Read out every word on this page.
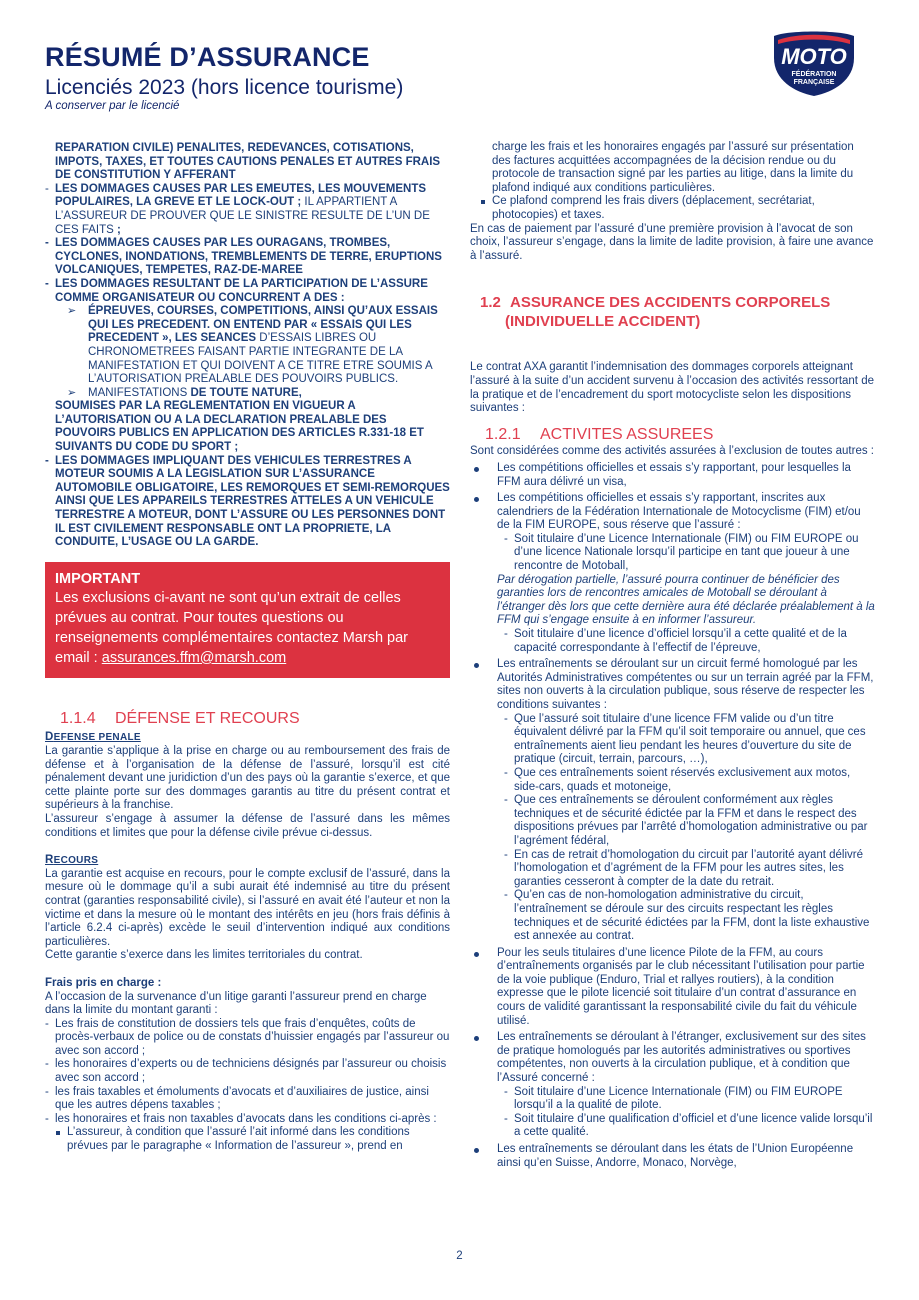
RÉSUMÉ D’ASSURANCE
Licenciés 2023 (hors licence tourisme)
A conserver par le licencié
MOTO
FÉDÉRATION
FRANÇAISE
REPARATION CIVILE) PENALITES, REDEVANCES, COTISATIONS, IMPOTS, TAXES, ET TOUTES CAUTIONS PENALES ET AUTRES FRAIS DE CONSTITUTION Y AFFERANT
- LES DOMMAGES CAUSES PAR LES EMEUTES, LES MOUVEMENTS POPULAIRES, LA GREVE ET LE LOCK-OUT ; IL APPARTIENT A L’ASSUREUR DE PROUVER QUE LE SINISTRE RESULTE DE L’UN DE CES FAITS ;
- LES DOMMAGES CAUSES PAR LES OURAGANS, TROMBES, CYCLONES, INONDATIONS, TREMBLEMENTS DE TERRE, ERUPTIONS VOLCANIQUES, TEMPETES, RAZ-DE-MAREE
- LES DOMMAGES RESULTANT DE LA PARTICIPATION DE L’ASSURE COMME ORGANISATEUR OU CONCURRENT A DES :
➢ ÉPREUVES, COURSES, COMPETITIONS, AINSI QU’AUX ESSAIS QUI LES PRECEDENT. ON ENTEND PAR « ESSAIS QUI LES PRECEDENT », LES SEANCES D’ESSAIS LIBRES OU CHRONOMETREES FAISANT PARTIE INTEGRANTE DE LA MANIFESTATION ET QUI DOIVENT A CE TITRE ETRE SOUMIS A L’AUTORISATION PREALABLE DES POUVOIRS PUBLICS.
➢ MANIFESTATIONS DE TOUTE NATURE,
SOUMISES PAR LA REGLEMENTATION EN VIGUEUR A L’AUTORISATION OU A LA DECLARATION PREALABLE DES POUVOIRS PUBLICS EN APPLICATION DES ARTICLES R.331-18 ET SUIVANTS DU CODE DU SPORT ;
- LES DOMMAGES IMPLIQUANT DES VEHICULES TERRESTRES A MOTEUR SOUMIS A LA LEGISLATION SUR L’ASSURANCE AUTOMOBILE OBLIGATOIRE, LES REMORQUES ET SEMI-REMORQUES AINSI QUE LES APPAREILS TERRESTRES ATTELES A UN VEHICULE TERRESTRE A MOTEUR, DONT L’ASSURE OU LES PERSONNES DONT IL EST CIVILEMENT RESPONSABLE ONT LA PROPRIETE, LA CONDUITE, L’USAGE OU LA GARDE.
IMPORTANT
Les exclusions ci-avant ne sont qu’un extrait de celles prévues au contrat. Pour toutes questions ou renseignements complémentaires contactez Marsh par email : assurances.ffm@marsh.com
1.1.4 DÉFENSE ET RECOURS
DEFENSE PENALE
La garantie s’applique à la prise en charge ou au remboursement des frais de défense et à l’organisation de la défense de l’assuré, lorsqu’il est cité pénalement devant une juridiction d’un des pays où la garantie s’exerce, et que cette plainte porte sur des dommages garantis au titre du présent contrat et supérieurs à la franchise.
L’assureur s’engage à assumer la défense de l’assuré dans les mêmes conditions et limites que pour la défense civile prévue ci-dessus.
RECOURS
La garantie est acquise en recours, pour le compte exclusif de l’assuré, dans la mesure où le dommage qu’il a subi aurait été indemnisé au titre du présent contrat (garanties responsabilité civile), si l’assuré en avait été l’auteur et non la victime et dans la mesure où le montant des intérêts en jeu (hors frais définis à l’article 6.2.4 ci-après) excède le seuil d’intervention indiqué aux conditions particulières.
Cette garantie s’exerce dans les limites territoriales du contrat.
Frais pris en charge :
A l’occasion de la survenance d’un litige garanti l’assureur prend en charge dans la limite du montant garanti :
- Les frais de constitution de dossiers tels que frais d’enquêtes, coûts de procès-verbaux de police ou de constats d’huissier engagés par l’assureur ou avec son accord ;
- les honoraires d’experts ou de techniciens désignés par l’assureur ou choisis avec son accord ;
- les frais taxables et émoluments d’avocats et d’auxiliaires de justice, ainsi que les autres dépens taxables ;
- les honoraires et frais non taxables d’avocats dans les conditions ci-après :
L’assureur, à condition que l’assuré l’ait informé dans les conditions prévues par le paragraphe « Information de l’assureur », prend en
charge les frais et les honoraires engagés par l’assuré sur présentation des factures acquittées accompagnées de la décision rendue ou du protocole de transaction signé par les parties au litige, dans la limite du plafond indiqué aux conditions particulières.
Ce plafond comprend les frais divers (déplacement, secrétariat, photocopies) et taxes.
En cas de paiement par l’assuré d’une première provision à l’avocat de son choix, l’assureur s’engage, dans la limite de ladite provision, à faire une avance à l’assuré.
1.2 ASSURANCE DES ACCIDENTS CORPORELS
(INDIVIDUELLE ACCIDENT)
Le contrat AXA garantit l’indemnisation des dommages corporels atteignant l’assuré à la suite d’un accident survenu à l’occasion des activités ressortant de la pratique et de l’encadrement du sport motocycliste selon les dispositions suivantes :
1.2.1 ACTIVITES ASSUREES
Sont considérées comme des activités assurées à l’exclusion de toutes autres :
Les compétitions officielles et essais s’y rapportant, pour lesquelles la FFM aura délivré un visa,
Les compétitions officielles et essais s’y rapportant, inscrites aux calendriers de la Fédération Internationale de Motocyclisme (FIM) et/ou de la FIM EUROPE, sous réserve que l’assuré :
- Soit titulaire d’une Licence Internationale (FIM) ou FIM EUROPE ou d’une licence Nationale lorsqu’il participe en tant que joueur à une rencontre de Motoball,
Par dérogation partielle, l’assuré pourra continuer de bénéficier des garanties lors de rencontres amicales de Motoball se déroulant à l’étranger dès lors que cette dernière aura été déclarée préalablement à la FFM qui s’engage ensuite à en informer l’assureur.
- Soit titulaire d’une licence d’officiel lorsqu’il a cette qualité et de la capacité correspondante à l’effectif de l’épreuve,
Les entraînements se déroulant sur un circuit fermé homologué par les Autorités Administratives compétentes ou sur un terrain agréé par la FFM, sites non ouverts à la circulation publique, sous réserve de respecter les conditions suivantes :
- Que l’assuré soit titulaire d’une licence FFM valide ou d’un titre équivalent délivré par la FFM qu’il soit temporaire ou annuel, que ces entraînements aient lieu pendant les heures d’ouverture du site de pratique (circuit, terrain, parcours, …),
- Que ces entraînements soient réservés exclusivement aux motos, side-cars, quads et motoneige,
- Que ces entraînements se déroulent conformément aux règles techniques et de sécurité édictée par la FFM et dans le respect des dispositions prévues par l’arrêté d’homologation administrative ou par l’agrément fédéral,
- En cas de retrait d’homologation du circuit par l’autorité ayant délivré l’homologation et d’agrément de la FFM pour les autres sites, les garanties cesseront à compter de la date du retrait.
- Qu’en cas de non-homologation administrative du circuit, l’entraînement se déroule sur des circuits respectant les règles techniques et de sécurité édictées par la FFM, dont la liste exhaustive est annexée au contrat.
Pour les seuls titulaires d’une licence Pilote de la FFM, au cours d’entraînements organisés par le club nécessitant l’utilisation pour partie de la voie publique (Enduro, Trial et rallyes routiers), à la condition expresse que le pilote licencié soit titulaire d’un contrat d’assurance en cours de validité garantissant la responsabilité civile du fait du véhicule utilisé.
Les entraînements se déroulant à l’étranger, exclusivement sur des sites de pratique homologués par les autorités administratives ou sportives compétentes, non ouverts à la circulation publique, et à condition que l’Assuré concerné :
- Soit titulaire d’une Licence Internationale (FIM) ou FIM EUROPE lorsqu’il a la qualité de pilote.
- Soit titulaire d’une qualification d’officiel et d’une licence valide lorsqu’il a cette qualité.
Les entraînements se déroulant dans les états de l’Union Européenne ainsi qu’en Suisse, Andorre, Monaco, Norvège,
2
